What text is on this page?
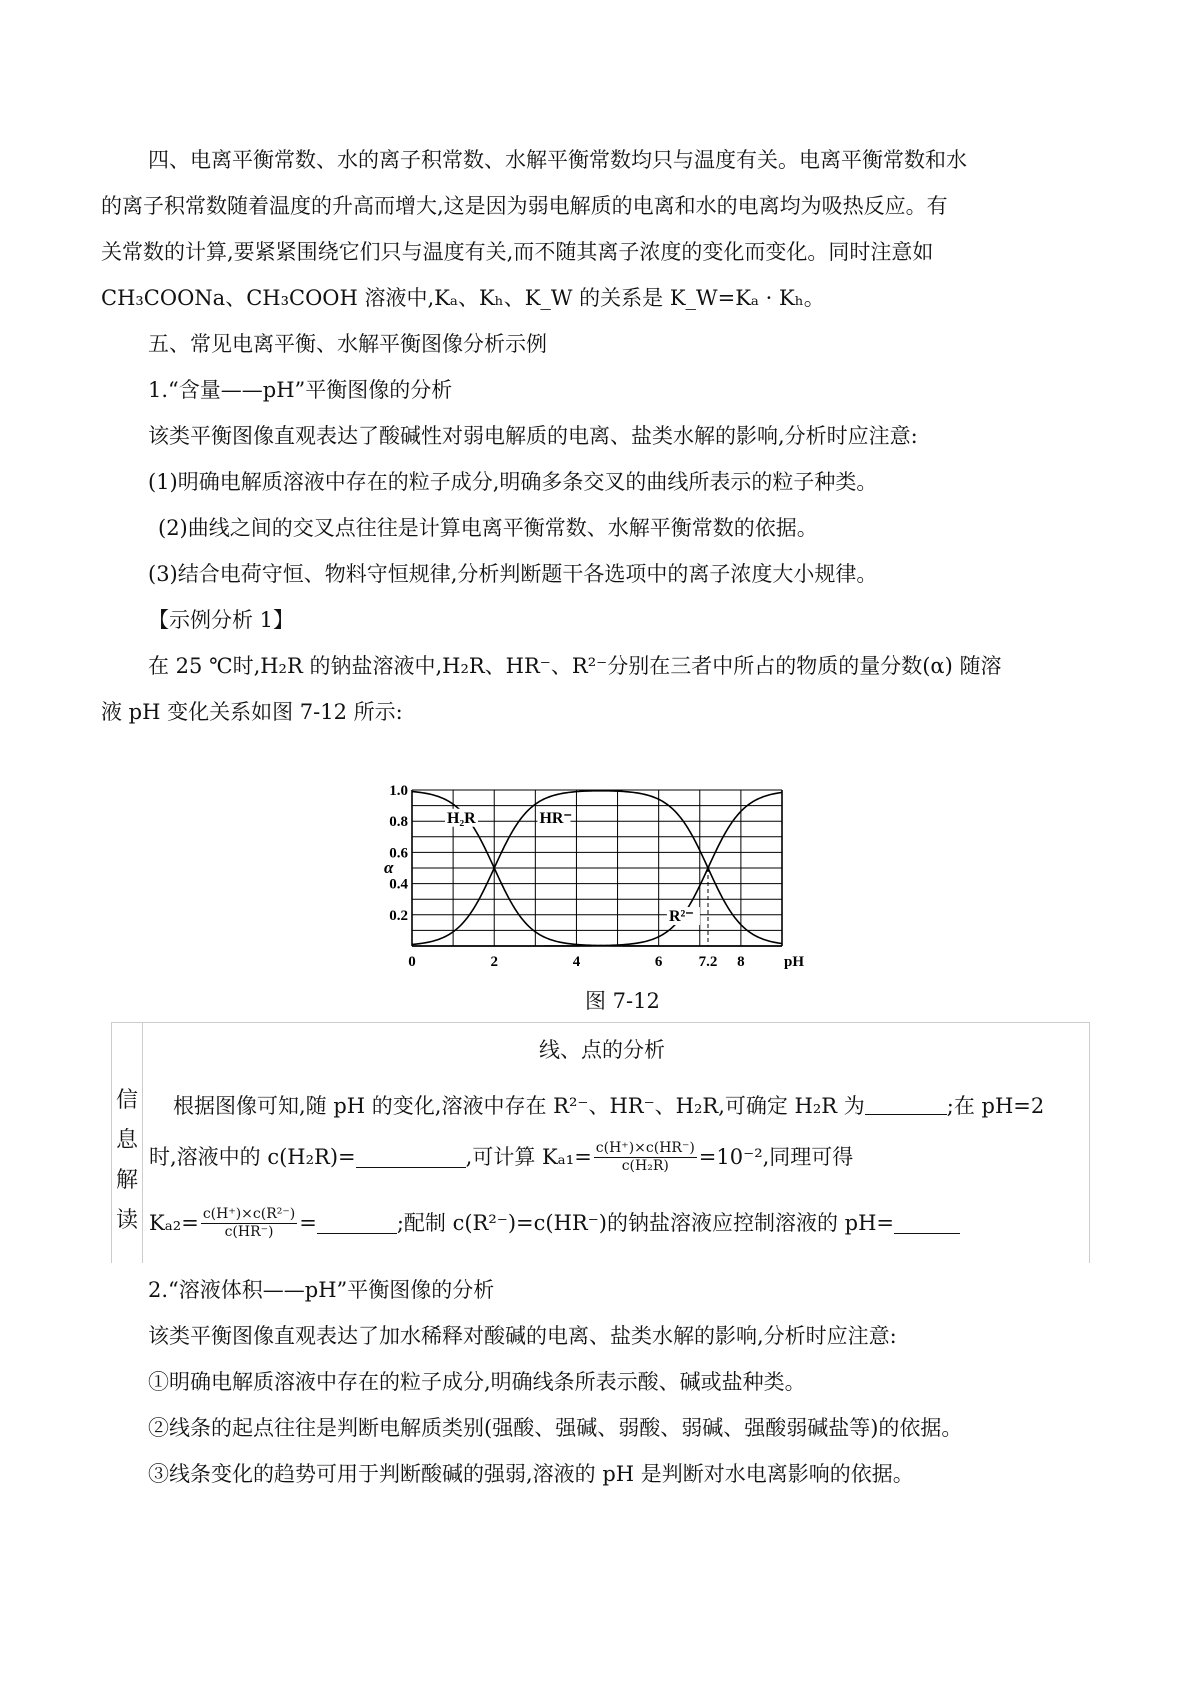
四、电离平衡常数、水的离子积常数、水解平衡常数均只与温度有关。电离平衡常数和水
的离子积常数随着温度的升高而增大,这是因为弱电解质的电离和水的电离均为吸热反应。有
关常数的计算,要紧紧围绕它们只与温度有关,而不随其离子浓度的变化而变化。同时注意如
CH₃COONa、CH₃COOH 溶液中,Kₐ、Kₕ、K_W 的关系是 K_W=Kₐ · Kₕ。
五、常见电离平衡、水解平衡图像分析示例
1.“含量——pH”平衡图像的分析
该类平衡图像直观表达了酸碱性对弱电解质的电离、盐类水解的影响,分析时应注意:
(1)明确电解质溶液中存在的粒子成分,明确多条交叉的曲线所表示的粒子种类。
(2)曲线之间的交叉点往往是计算电离平衡常数、水解平衡常数的依据。
(3)结合电荷守恒、物料守恒规律,分析判断题干各选项中的离子浓度大小规律。
【示例分析 1】
在 25 ℃时,H₂R 的钠盐溶液中,H₂R、HR⁻、R²⁻分别在三者中所占的物质的量分数(α) 随溶
液 pH 变化关系如图 7-12 所示:
1.0
0.8
0.6
0.4
0.2
0	2	4	6 7.2 8
α
pH
H₂R	HR⁻
R²⁻
图 7-12
信
息
解
读
线、点的分析
根据图像可知,随 pH 的变化,溶液中存在 R²⁻、HR⁻、H₂R,可确定 H₂R 为	;在 pH=2
时,溶液中的 c(H₂R)=	,可计算 $K_{a1}= \frac{c(H^+)\times c(HR^-)}{\text{c(H₂R)}} =10^{-2}$,同理可得
$K_{a2}= \frac{\text{c(H⁺)×c(R²⁻)}}{c(HR^-)}$ =	;配制 c(R²⁻)=c(HR⁻)的钠盐溶液应控制溶液的 pH=
2.“溶液体积——pH”平衡图像的分析
该类平衡图像直观表达了加水稀释对酸碱的电离、盐类水解的影响,分析时应注意:
①明确电解质溶液中存在的粒子成分,明确线条所表示酸、碱或盐种类。
②线条的起点往往是判断电解质类别(强酸、强碱、弱酸、弱碱、强酸弱碱盐等)的依据。
③线条变化的趋势可用于判断酸碱的强弱,溶液的 pH 是判断对水电离影响的依据。
